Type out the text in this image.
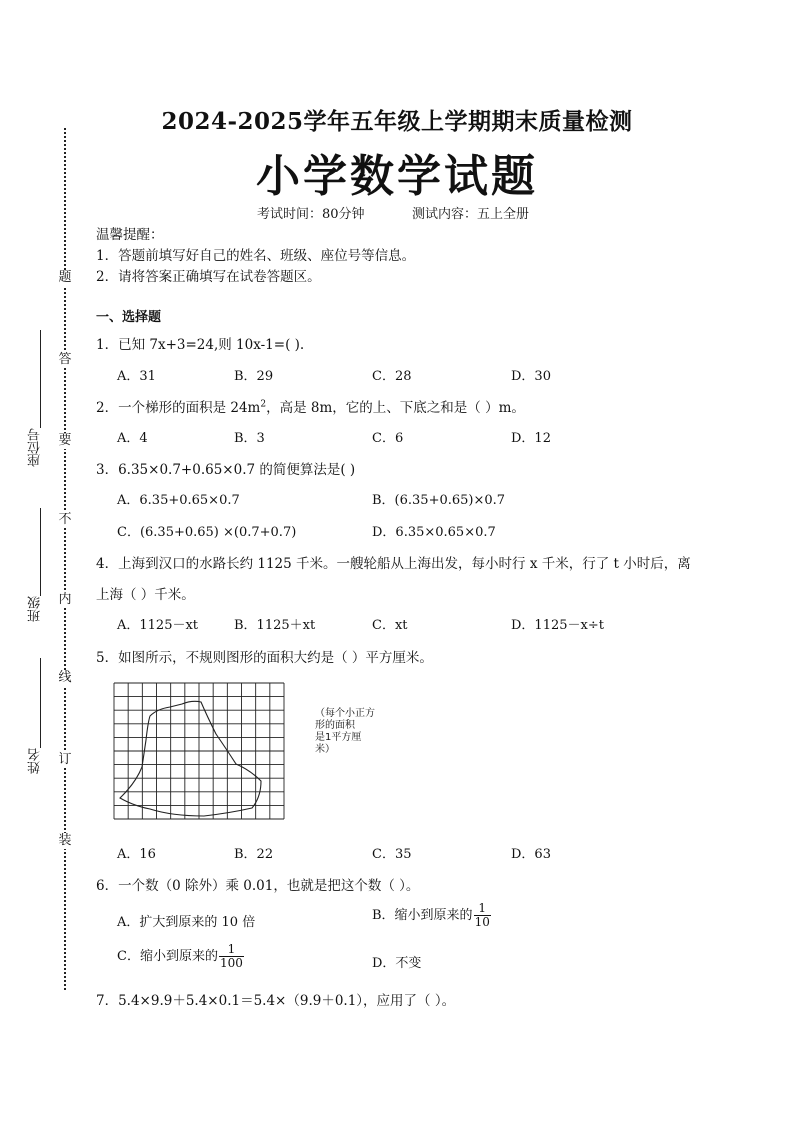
题
答
要
不
内
线
订
装
座位号
班级
姓名
2024-2025学年五年级上学期期末质量检测
小学数学试题
考试时间：80分钟	测试内容：五上全册
温馨提醒：
1．答题前填写好自己的姓名、班级、座位号等信息。
2．请将答案正确填写在试卷答题区。
一、选择题
1．已知 7x+3=24,则 10x-1=( ).
A．31	B．29	C．28	D．30
2．一个梯形的面积是 $24m^2$，高是 8m，它的上、下底之和是（ ）m。
A．4	B．3	C．6	D．12
3．6.35×0.7+0.65×0.7 的简便算法是( )
A．6.35+0.65×0.7	B．(6.35+0.65)×0.7
C．(6.35+0.65) ×(0.7+0.7)	D．6.35×0.65×0.7
4．上海到汉口的水路长约 1125 千米。一艘轮船从上海出发，每小时行 x 千米，行了 t 小时后，离
上海（ ）千米。
A．1125－xt	B．1125＋xt	C．xt	D．1125－x÷t
5．如图所示，不规则图形的面积大约是（ ）平方厘米。
（每个小正方
形的面积
是1平方厘
米）
A．16	B．22	C．35	D．63
6．一个数（0 除外）乘 0.01，也就是把这个数（ ）。
A．扩大到原来的 10 倍	B．缩小到原来的 $\frac{1}{10}$
C．缩小到原来的 $\frac{1}{100}$	D．不变
7．5.4×9.9＋5.4×0.1＝5.4×（9.9＋0.1），应用了（ ）。
